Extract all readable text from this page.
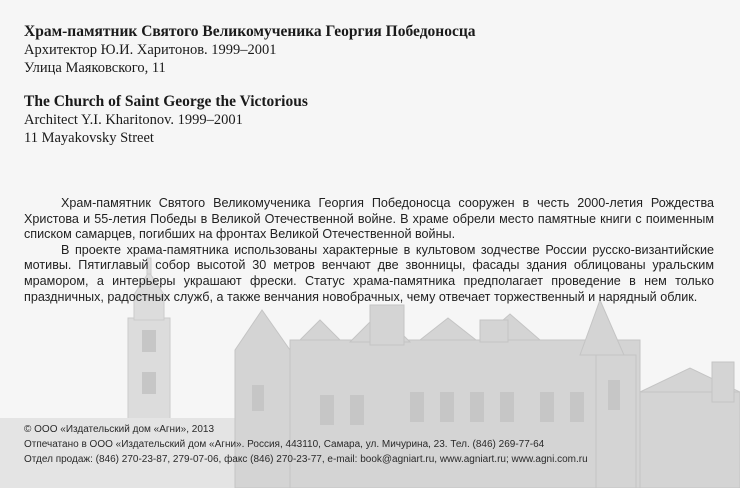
Храм-памятник Святого Великомученика Георгия Победоносца
Архитектор Ю.И. Харитонов. 1999–2001
Улица Маяковского, 11
The Church of Saint George the Victorious
Architect Y.I. Kharitonov. 1999–2001
11 Mayakovsky Street

Храм-памятник Святого Великомученика Георгия Победоносца сооружен в честь 2000-летия Рождества Христова и 55-летия Победы в Великой Отечественной войне. В храме обрели место памятные книги с поименным списком самарцев, погибших на фронтах Великой Отечественной войны.

В проекте храма-памятника использованы характерные в культовом зодчестве России русско-византийские мотивы. Пятиглавый собор высотой 30 метров венчают две звонницы, фасады здания облицованы уральским мрамором, а интерьеры украшают фрески. Статус храма-памятника предполагает проведение в нем только праздничных, радостных служб, а также венчания новобрачных, чему отвечает торжественный и нарядный облик.

© ООО «Издательский дом «Агни», 2013
Отпечатано в ООО «Издательский дом «Агни». Россия, 443110, Самара, ул. Мичурина, 23. Тел. (846) 269-77-64
Отдел продаж: (846) 270-23-87, 279-07-06, факс (846) 270-23-77, e-mail: book@agniart.ru, www.agniart.ru; www.agni.com.ru
